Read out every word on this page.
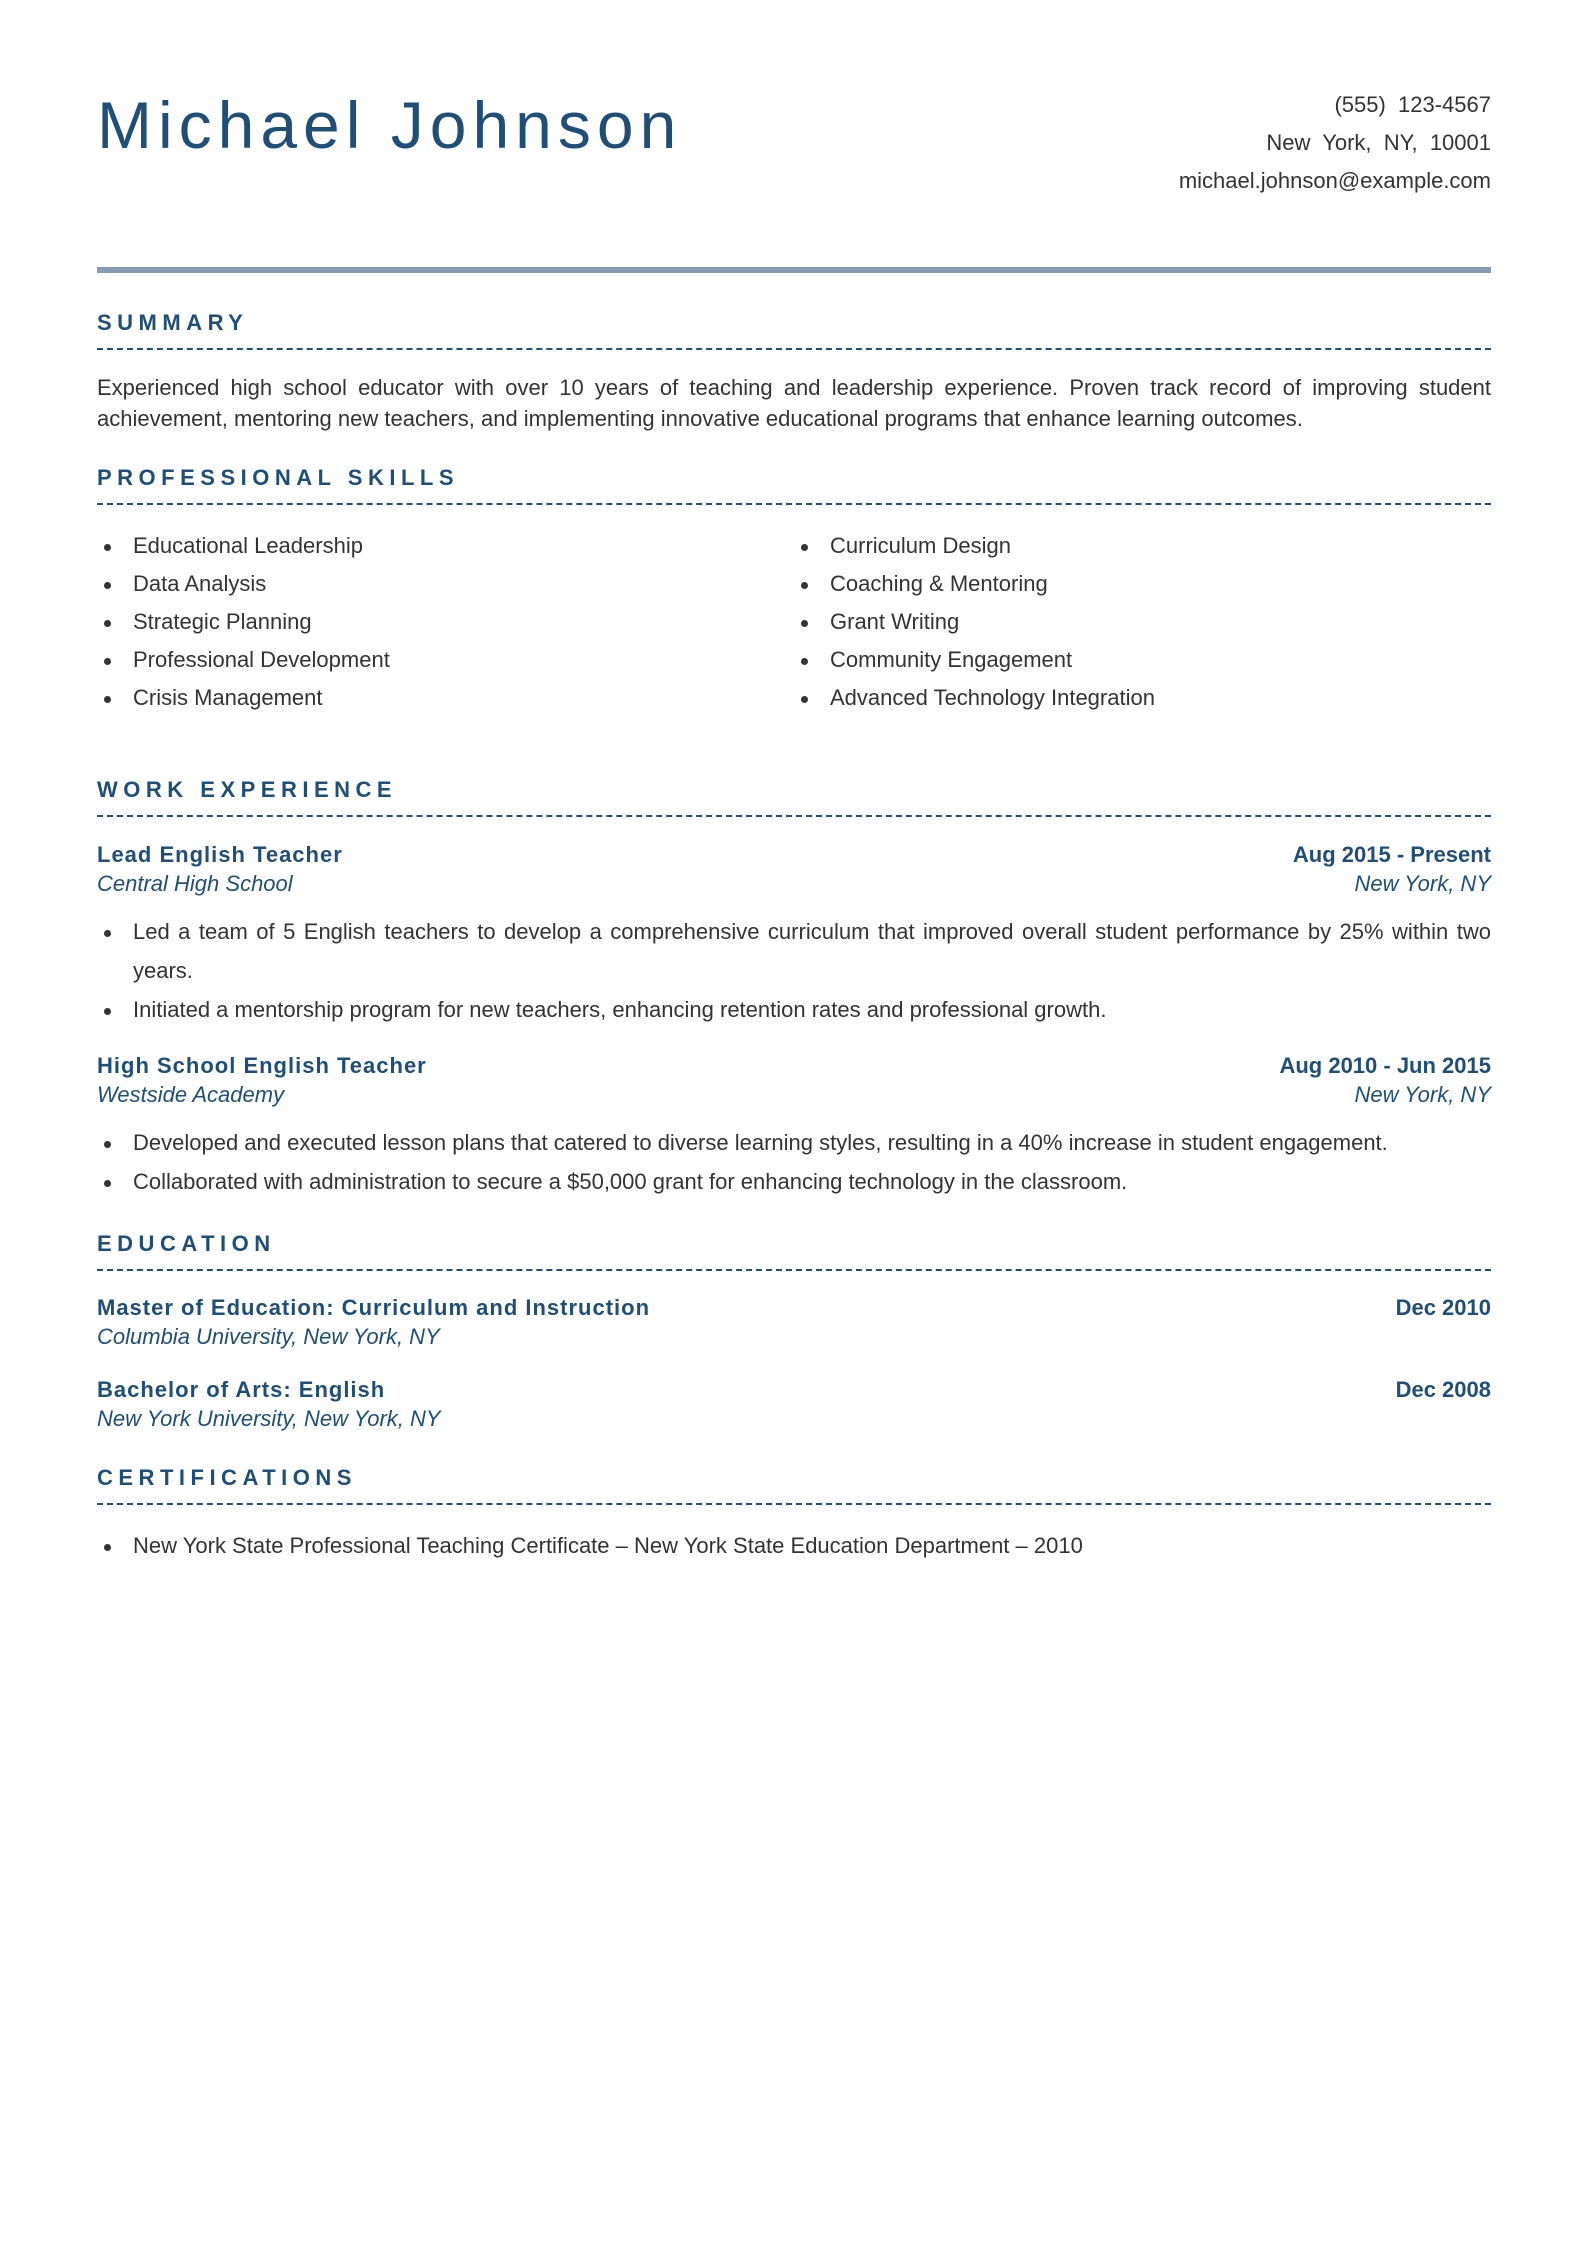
Michael Johnson	(555)  123-4567
New  York,  NY,  10001
michael.johnson@example.com
SUMMARY

Experienced high school educator with over 10 years of teaching and leadership experience. Proven track record of improving student achievement, mentoring new teachers, and implementing innovative educational programs that enhance learning outcomes.

PROFESSIONAL SKILLS
Educational Leadership
Data Analysis
Strategic Planning
Professional Development
Crisis Management
Curriculum Design
Coaching & Mentoring
Grant Writing
Community Engagement
Advanced Technology Integration
WORK EXPERIENCE
Lead English Teacher	Aug 2015 - Present
Central High School	New York, NY
Led a team of 5 English teachers to develop a comprehensive curriculum that improved overall student performance by 25% within two years.
Initiated a mentorship program for new teachers, enhancing retention rates and professional growth.
High School English Teacher	Aug 2010 - Jun 2015
Westside Academy	New York, NY
Developed and executed lesson plans that catered to diverse learning styles, resulting in a 40% increase in student engagement.
Collaborated with administration to secure a $50,000 grant for enhancing technology in the classroom.
EDUCATION
Master of Education: Curriculum and Instruction	Dec 2010
Columbia University, New York, NY
Bachelor of Arts: English	Dec 2008
New York University, New York, NY
CERTIFICATIONS
New York State Professional Teaching Certificate – New York State Education Department – 2010
